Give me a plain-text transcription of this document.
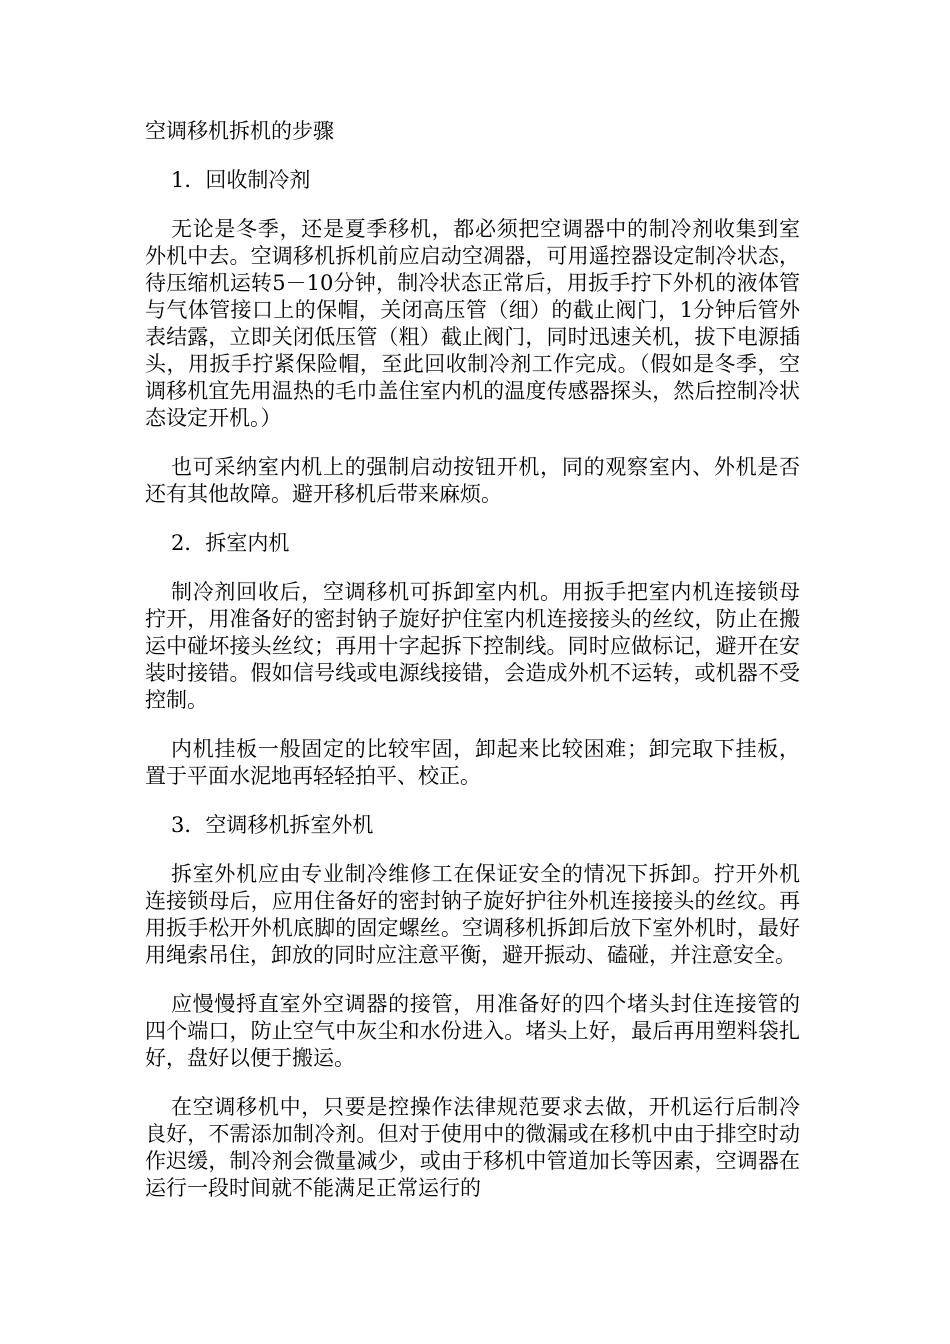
空调移机拆机的步骤
1．回收制冷剂

无论是冬季，还是夏季移机，都必须把空调器中的制冷剂收集到室外机中去。空调移机拆机前应启动空凋器，可用遥控器设定制冷状态，待压缩机运转5－10分钟，制冷状态正常后，用扳手拧下外机的液体管与气体管接口上的保帽，关闭高压管（细）的截止阀门，1分钟后管外表结露，立即关闭低压管（粗）截止阀门，同时迅速关机，拔下电源插头，用扳手拧紧保险帽，至此回收制冷剂工作完成。（假如是冬季，空调移机宜先用温热的毛巾盖住室内机的温度传感器探头，然后控制冷状态设定开机。）

也可采纳室内机上的强制启动按钮开机，同的观察室内、外机是否还有其他故障。避开移机后带来麻烦。

2．拆室内机

制冷剂回收后，空调移机可拆卸室内机。用扳手把室内机连接锁母拧开，用准备好的密封钠子旋好护住室内机连接接头的丝纹，防止在搬运中碰坏接头丝纹；再用十字起拆下控制线。同时应做标记，避开在安装时接错。假如信号线或电源线接错，会造成外机不运转，或机器不受控制。

内机挂板一般固定的比较牢固，卸起来比较困难；卸完取下挂板，置于平面水泥地再轻轻拍平、校正。

3．空调移机拆室外机

拆室外机应由专业制冷维修工在保证安全的情况下拆卸。拧开外机连接锁母后，应用住备好的密封钠子旋好护往外机连接接头的丝纹。再用扳手松开外机底脚的固定螺丝。空调移机拆卸后放下室外机时，最好用绳索吊住，卸放的同时应注意平衡，避开振动、磕碰，并注意安全。

应慢慢捋直室外空调器的接管，用准备好的四个堵头封住连接管的四个端口，防止空气中灰尘和水份进入。堵头上好，最后再用塑料袋扎好，盘好以便于搬运。

在空调移机中，只要是控操作法律规范要求去做，开机运行后制冷良好，不需添加制冷剂。但对于使用中的微漏或在移机中由于排空时动作迟缓，制冷剂会微量减少，或由于移机中管道加长等因素，空调器在运行一段时间就不能满足正常运行的
